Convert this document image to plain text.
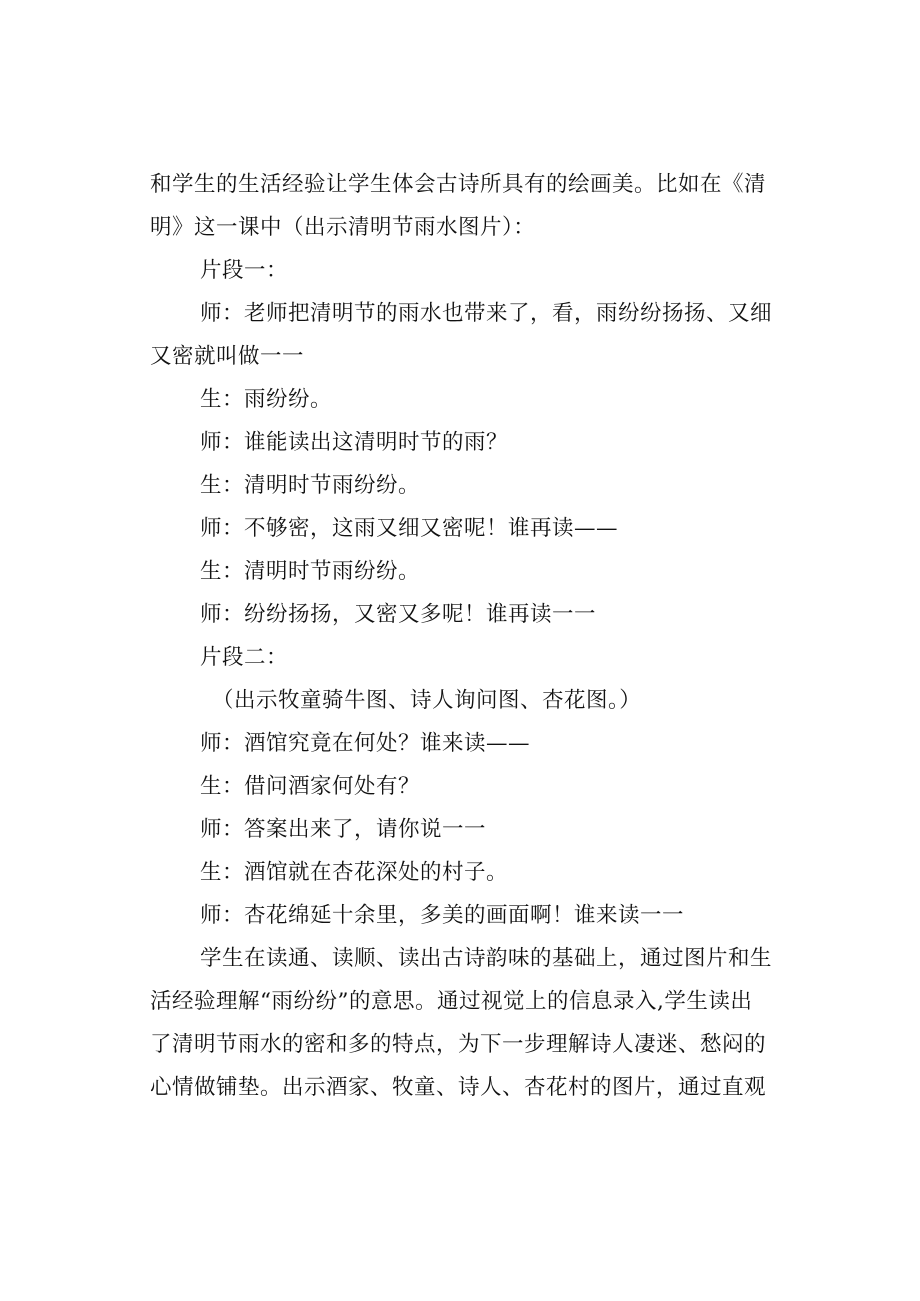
和学生的生活经验让学生体会古诗所具有的绘画美。比如在《清
明》这一课中（出示清明节雨水图片）：
片段一：
师：老师把清明节的雨水也带来了，看，雨纷纷扬扬、又细
又密就叫做一一
生：雨纷纷。
师：谁能读出这清明时节的雨？
生：清明时节雨纷纷。
师：不够密，这雨又细又密呢！谁再读——
生：清明时节雨纷纷。
师：纷纷扬扬，又密又多呢！谁再读一一
片段二：
（出示牧童骑牛图、诗人询问图、杏花图。）
师：酒馆究竟在何处？谁来读——
生：借问酒家何处有？
师：答案出来了，请你说一一
生：酒馆就在杏花深处的村子。
师：杏花绵延十余里，多美的画面啊！谁来读一一
学生在读通、读顺、读出古诗韵味的基础上，通过图片和生
活经验理解“雨纷纷”的意思。通过视觉上的信息录入,学生读出
了清明节雨水的密和多的特点，为下一步理解诗人凄迷、愁闷的
心情做铺垫。出示酒家、牧童、诗人、杏花村的图片，通过直观
